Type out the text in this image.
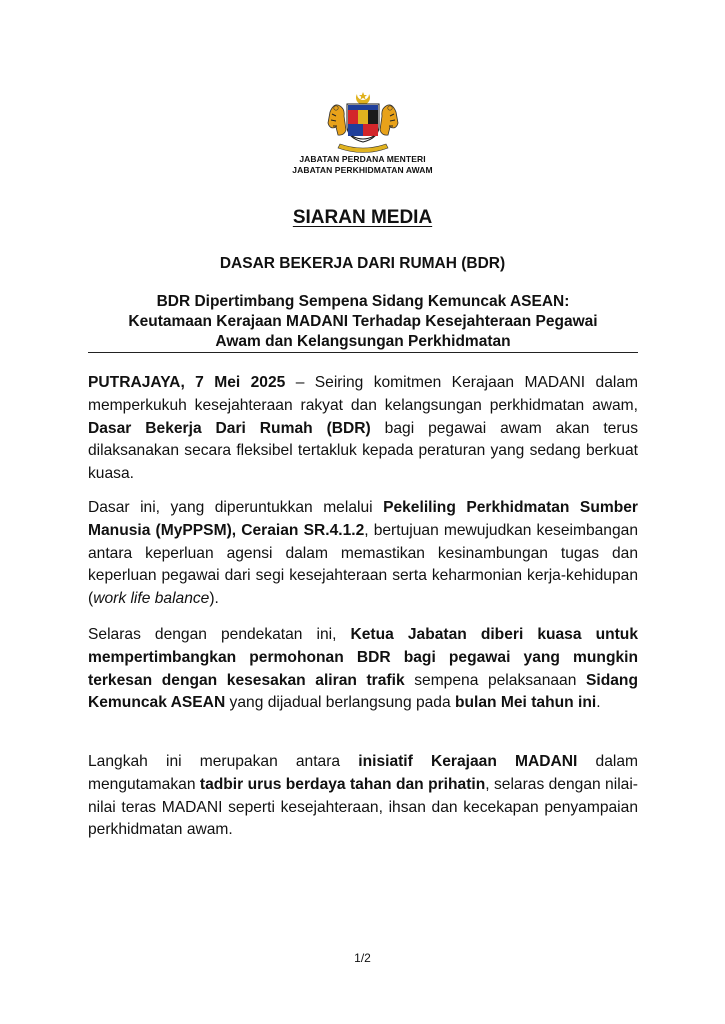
JABATAN PERDANA MENTERI
JABATAN PERKHIDMATAN AWAM
SIARAN MEDIA
DASAR BEKERJA DARI RUMAH (BDR)
BDR Dipertimbang Sempena Sidang Kemuncak ASEAN:
Keutamaan Kerajaan MADANI Terhadap Kesejahteraan Pegawai
Awam dan Kelangsungan Perkhidmatan
PUTRAJAYA, 7 Mei 2025 – Seiring komitmen Kerajaan MADANI dalam memperkukuh kesejahteraan rakyat dan kelangsungan perkhidmatan awam, Dasar Bekerja Dari Rumah (BDR) bagi pegawai awam akan terus dilaksanakan secara fleksibel tertakluk kepada peraturan yang sedang berkuat kuasa.
Dasar ini, yang diperuntukkan melalui Pekeliling Perkhidmatan Sumber Manusia (MyPPSM), Ceraian SR.4.1.2, bertujuan mewujudkan keseimbangan antara keperluan agensi dalam memastikan kesinambungan tugas dan keperluan pegawai dari segi kesejahteraan serta keharmonian kerja-kehidupan (work life balance).
Selaras dengan pendekatan ini, Ketua Jabatan diberi kuasa untuk mempertimbangkan permohonan BDR bagi pegawai yang mungkin terkesan dengan kesesakan aliran trafik sempena pelaksanaan Sidang Kemuncak ASEAN yang dijadual berlangsung pada bulan Mei tahun ini.
Langkah ini merupakan antara inisiatif Kerajaan MADANI dalam mengutamakan tadbir urus berdaya tahan dan prihatin, selaras dengan nilai-nilai teras MADANI seperti kesejahteraan, ihsan dan kecekapan penyampaian perkhidmatan awam.
1/2
